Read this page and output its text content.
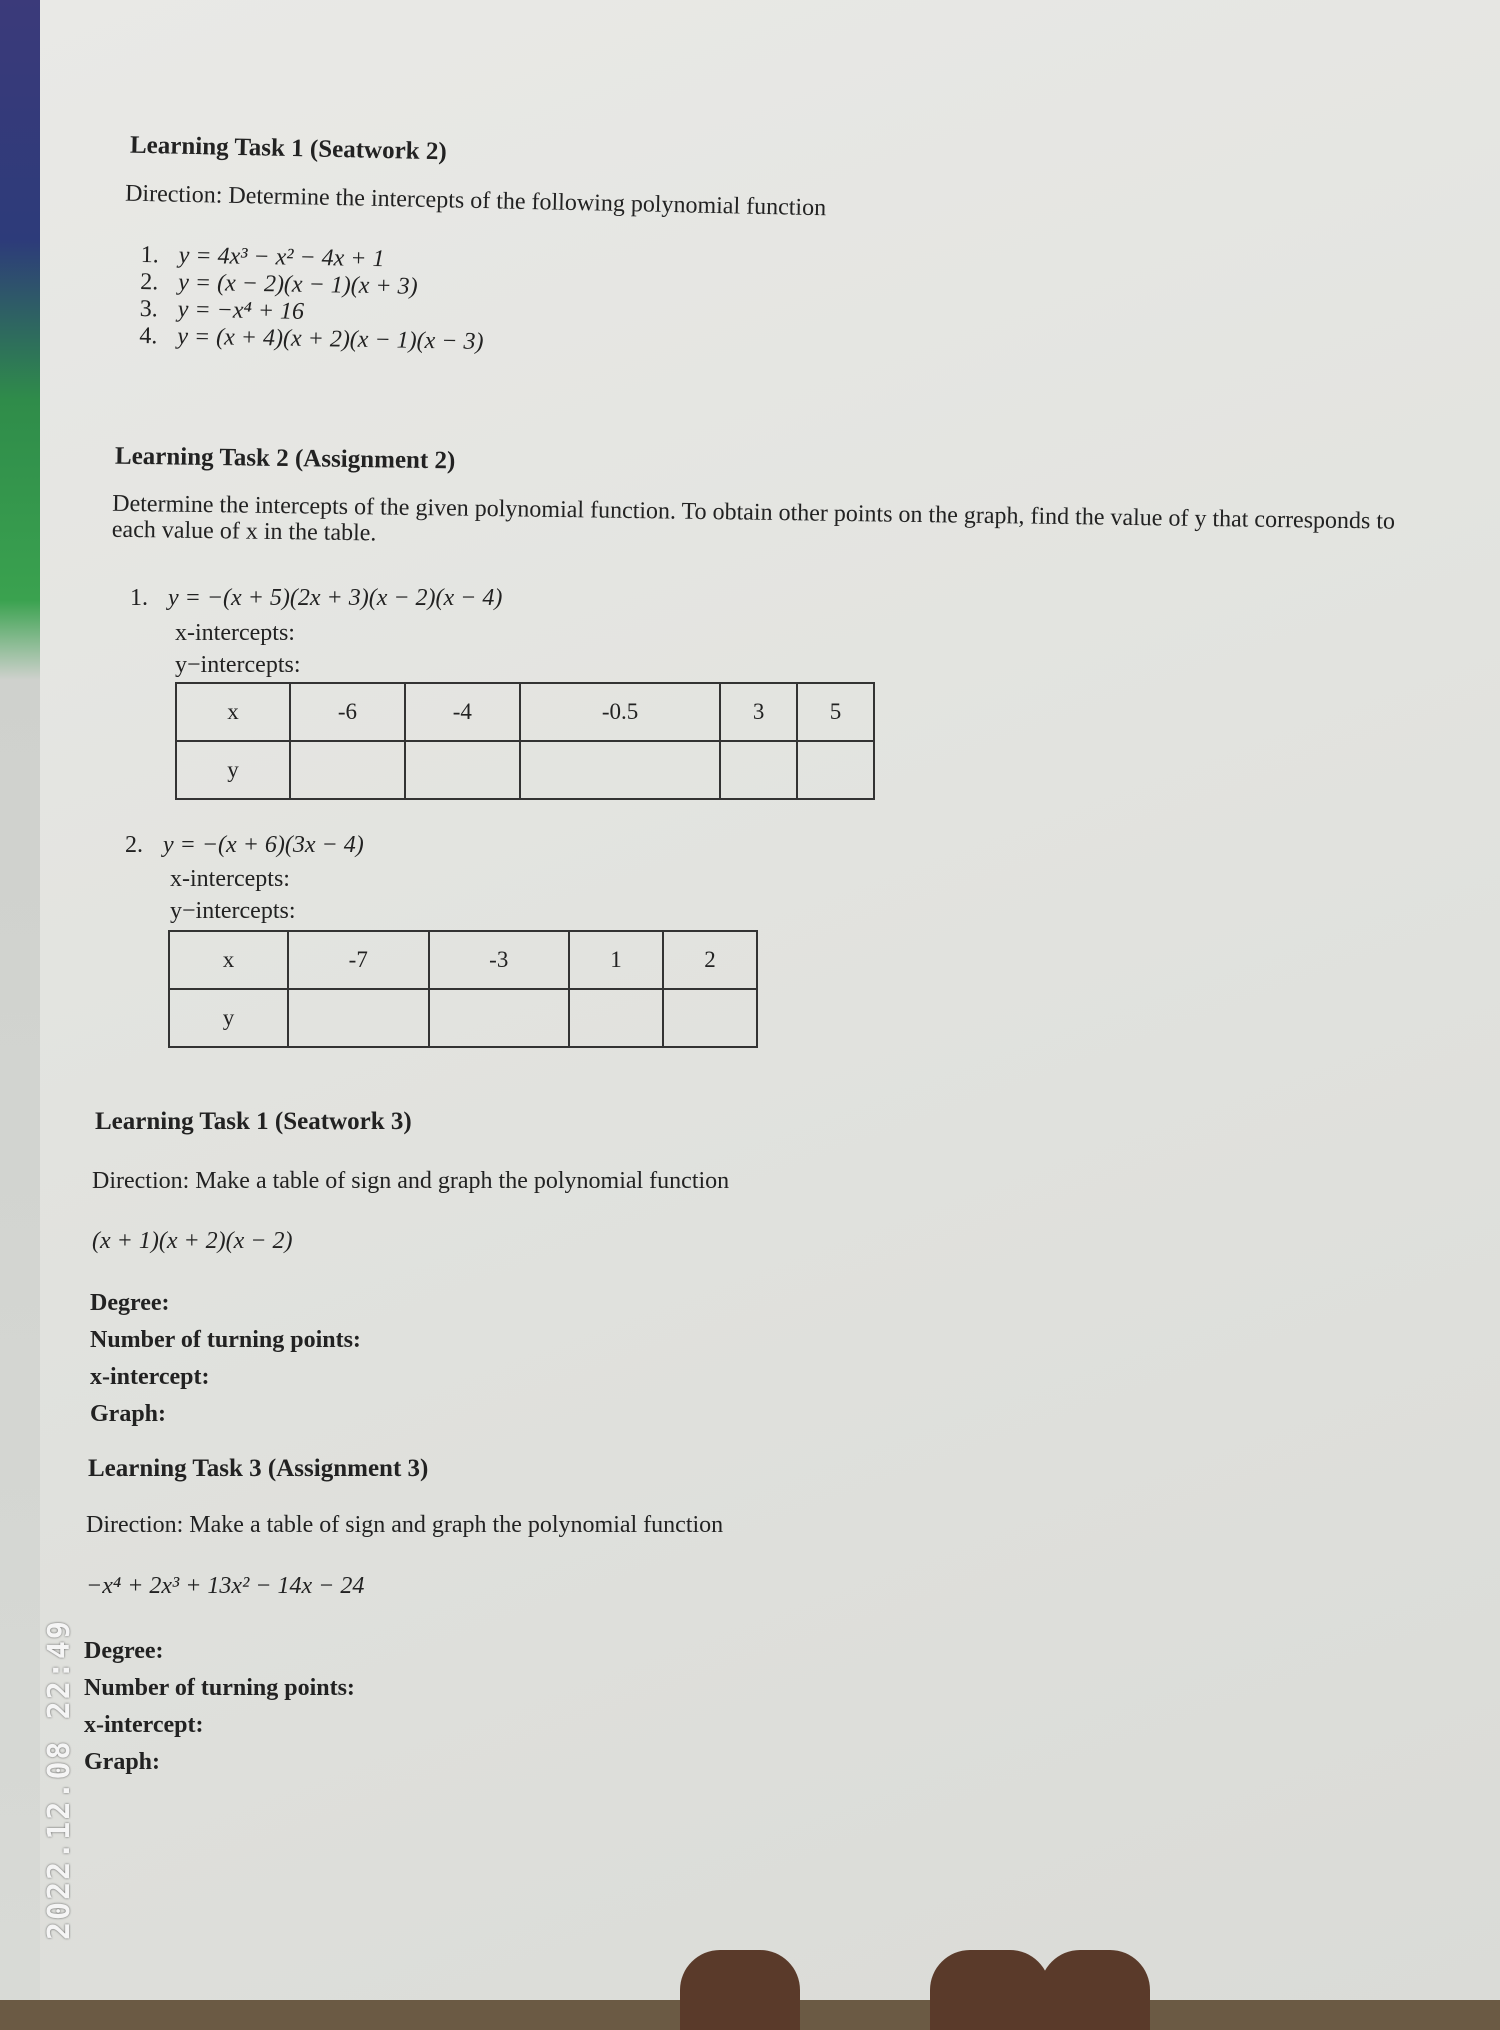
Learning Task 1 (Seatwork 2)
Direction: Determine the intercepts of the following polynomial function
1. y = 4x³ − x² − 4x + 1
2. y = (x − 2)(x − 1)(x + 3)
3. y = −x⁴ + 16
4. y = (x + 4)(x + 2)(x − 1)(x − 3)
Learning Task 2 (Assignment 2)
Determine the intercepts of the given polynomial function. To obtain other points on the graph, find the value of y that corresponds to each value of x in the table.
1. y = −(x + 5)(2x + 3)(x − 2)(x − 4)
x-intercepts:
y−intercepts:
x	-6	-4	-0.5	3	5
y					
2. y = −(x + 6)(3x − 4)
x-intercepts:
y−intercepts:
x	-7	-3	1	2
y				
Learning Task 1 (Seatwork 3)
Direction: Make a table of sign and graph the polynomial function
(x + 1)(x + 2)(x − 2)
Degree:
Number of turning points:
x-intercept:
Graph:
Learning Task 3 (Assignment 3)
Direction: Make a table of sign and graph the polynomial function
−x⁴ + 2x³ + 13x² − 14x − 24
Degree:
Number of turning points:
x-intercept:
Graph:
2022.12.08 22:49
